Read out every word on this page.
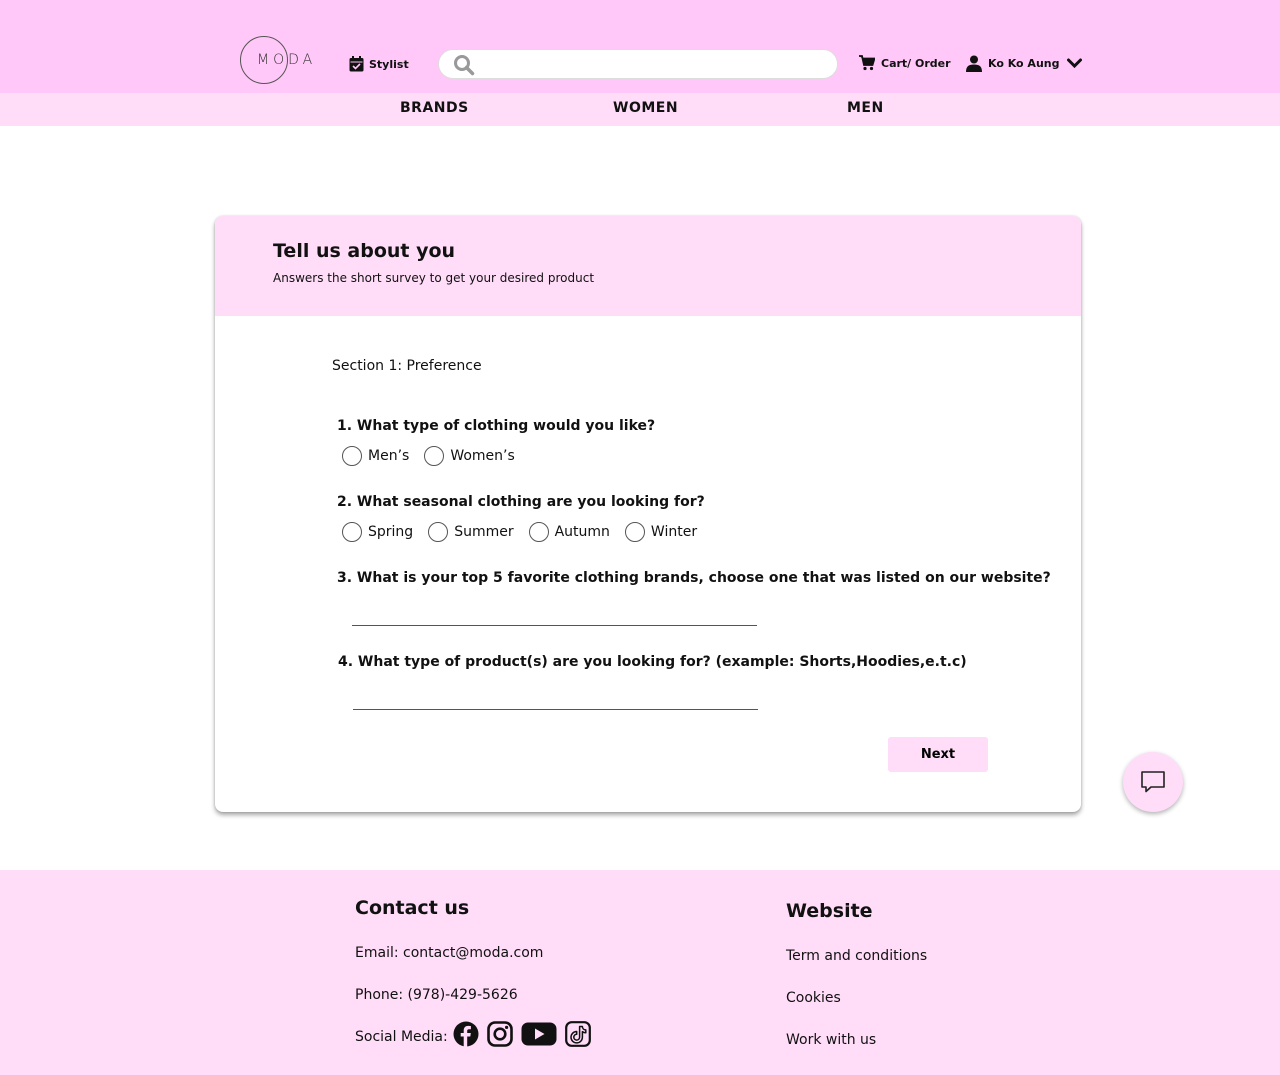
MODA	Stylist	Cart/ Order	Ko Ko Aung
BRANDS	WOMEN	MEN
Tell us about you
Answers the short survey to get your desired product
Section 1: Preference
1. What type of clothing would you like?
Men’s	Women’s
2. What seasonal clothing are you looking for?
Spring	Summer	Autumn	Winter
3. What is your top 5 favorite clothing brands, choose one that was listed on our website?
4. What type of product(s) are you looking for? (example: Shorts,Hoodies,e.t.c)
Next
Contact us
Email: contact@moda.com
Phone: (978)-429-5626
Social Media:
Website
Term and conditions
Cookies
Work with us
